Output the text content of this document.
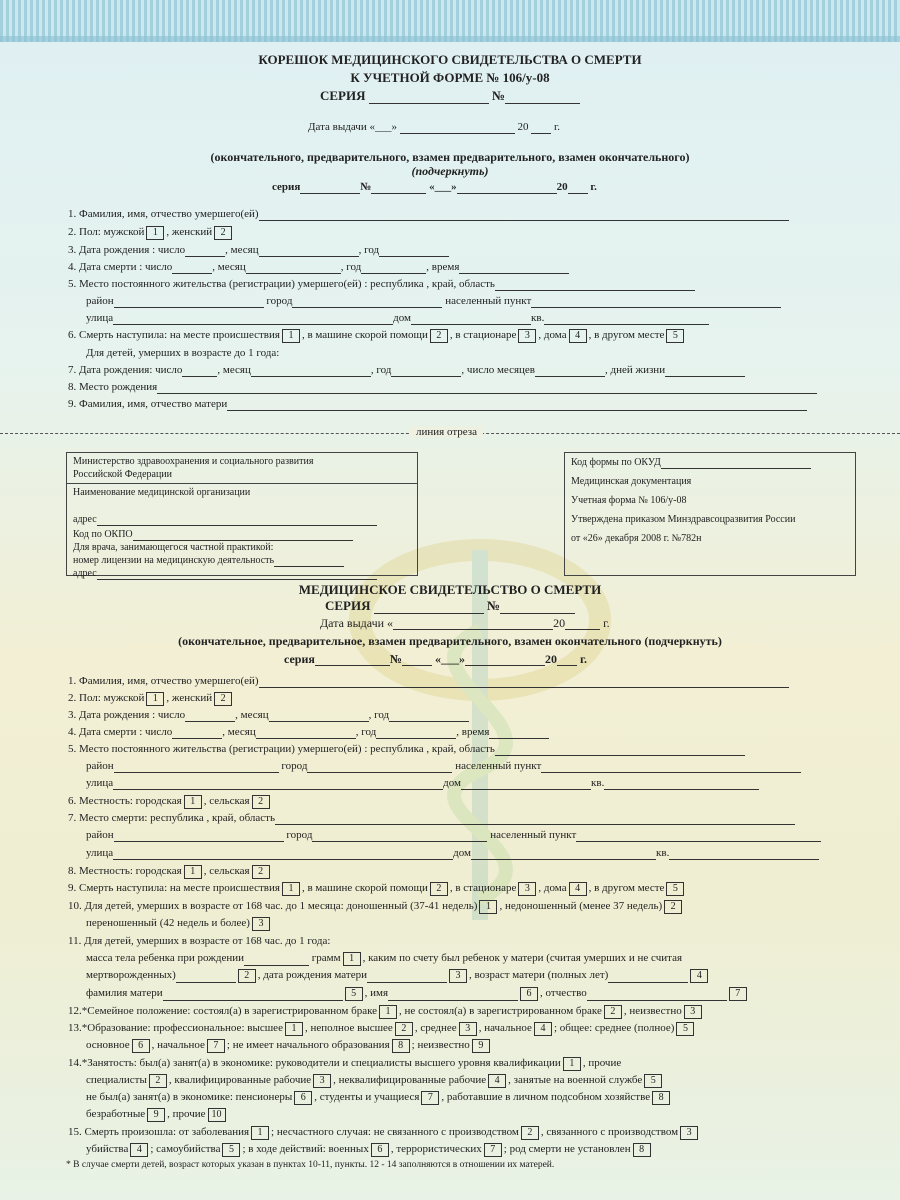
КОРЕШОК МЕДИЦИНСКОГО СВИДЕТЕЛЬСТВА О СМЕРТИ
К УЧЕТНОЙ ФОРМЕ № 106/у-08
СЕРИЯ	№
Дата выдачи «___»	20 г.
(окончательного, предварительного, взамен предварительного, взамен окончательного)
(подчеркнуть)
серия	№	«___»	20 г.
1. Фамилия, имя, отчество умершего(ей)
2. Пол: мужской 1 , женский 2
3. Дата рождения : число	, месяц	, год
4. Дата смерти : число	, месяц	, год	, время
5. Место постоянного жительства (регистрации) умершего(ей) : республика , край, область
район	город	населенный пункт
улица	дом	кв.
6. Смерть наступила: на месте происшествия 1 , в машине скорой помощи 2 , в стационаре 3 , дома 4 , в другом месте 5
Для детей, умерших в возрасте до 1 года:
7. Дата рождения: число	, месяц	, год	, число месяцев	, дней жизни
8. Место рождения
9. Фамилия, имя, отчество матери
линия отреза
Министерство здравоохранения и социального развития
Российской Федерации
Наименование медицинской организации
адрес
Код по ОКПО
Для врача, занимающегося частной практикой:
номер лицензии на медицинскую деятельность
адрес
Код формы по ОКУД
Медицинская документация
Учетная форма № 106/у-08
Утверждена приказом Минздравсоцразвития России
от «26» декабря 2008 г. №782н
МЕДИЦИНСКОЕ СВИДЕТЕЛЬСТВО О СМЕРТИ
СЕРИЯ	№
Дата выдачи «	20	г.
(окончательное, предварительное, взамен предварительного, взамен окончательного (подчеркнуть)
серия	№	«___»	20 г.
1. Фамилия, имя, отчество умершего(ей)
2. Пол: мужской 1 , женский 2
3. Дата рождения : число	, месяц	, год
4. Дата смерти : число	, месяц	, год	, время
5. Место постоянного жительства (регистрации) умершего(ей) : республика , край, область
район	город	населенный пункт
улица	дом	кв.
6. Местность: городская 1 , сельская 2
7. Место смерти: республика , край, область
район	город	населенный пункт
улица	дом	кв.
8. Местность: городская 1 , сельская 2
9. Смерть наступила: на месте происшествия 1 , в машине скорой помощи 2 , в стационаре 3 , дома 4 , в другом месте 5
10. Для детей, умерших в возрасте от 168 час. до 1 месяца: доношенный (37-41 недель) 1 , недоношенный (менее 37 недель) 2
переношенный (42 недель и более) 3
11. Для детей, умерших в возрасте от 168 час. до 1 года:
масса тела ребенка при рождении	грамм 1 , каким по счету был ребенок у матери (считая умерших и не считая
мертворожденных)	2 , дата рождения матери	3 , возраст матери (полных лет)	4
фамилия матери	5 , имя	6 , отчество	7
12.*Семейное положение: состоял(а) в зарегистрированном браке 1 , не состоял(а) в зарегистрированном браке 2 , неизвестно 3
13.*Образование: профессиональное: высшее 1 , неполное высшее 2 , среднее 3 , начальное 4 ; общее: среднее (полное) 5
основное 6 , начальное 7 ; не имеет начального образования 8 ; неизвестно 9
14.*Занятость: был(а) занят(а) в экономике: руководители и специалисты высшего уровня квалификации 1 , прочие
специалисты 2 , квалифицированные рабочие 3 , неквалифицированные рабочие 4 , занятые на военной службе 5
не был(а) занят(а) в экономике: пенсионеры 6 , студенты и учащиеся 7 , работавшие в личном подсобном хозяйстве 8
безработные 9 , прочие 10
15. Смерть произошла: от заболевания 1 ; несчастного случая: не связанного с производством 2 , связанного с производством 3
убийства 4 ; самоубийства 5 ; в ходе действий: военных 6 , террористических 7 ; род смерти не установлен 8
* В случае смерти детей, возраст которых указан в пунктах 10-11, пункты. 12 - 14 заполняются в отношении их матерей.
